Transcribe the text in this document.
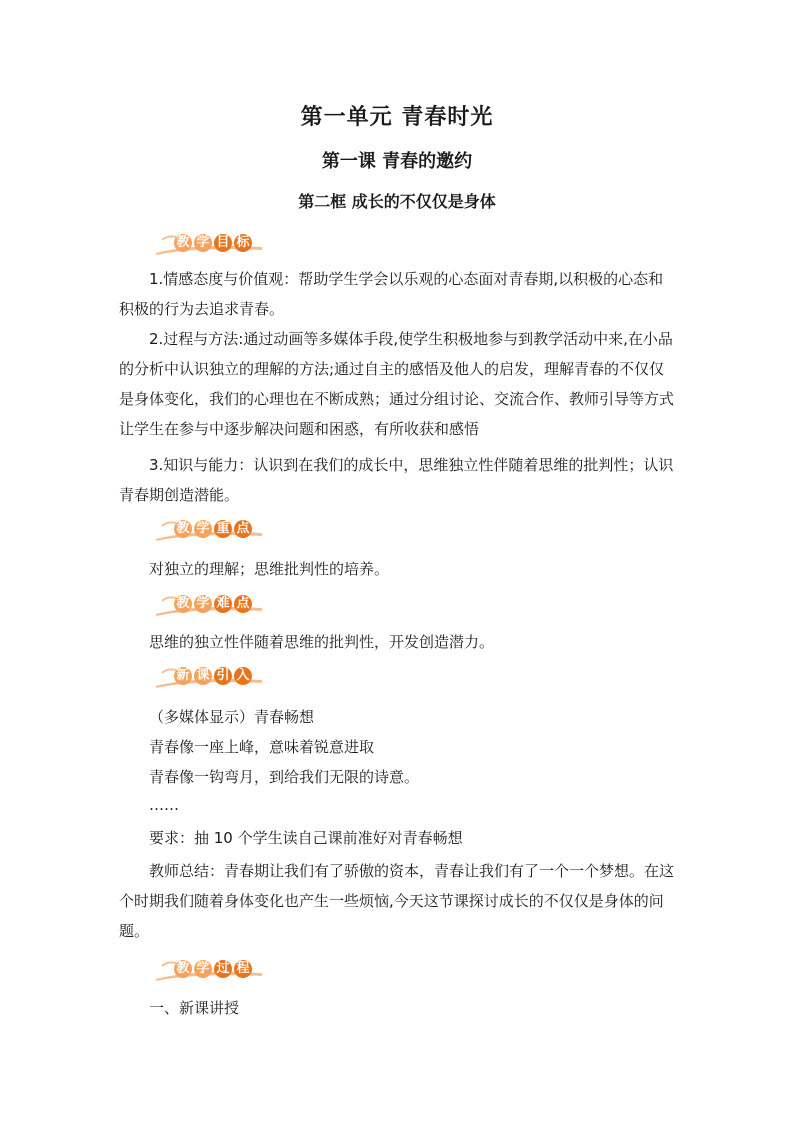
第一单元 青春时光
第一课 青春的邀约
第二框 成长的不仅仅是身体
教 学 目 标
1.情感态度与价值观：帮助学生学会以乐观的心态面对青春期,以积极的心态和积极的行为去追求青春。
2.过程与方法:通过动画等多媒体手段,使学生积极地参与到教学活动中来,在小品的分析中认识独立的理解的方法;通过自主的感悟及他人的启发，理解青春的不仅仅是身体变化，我们的心理也在不断成熟；通过分组讨论、交流合作、教师引导等方式让学生在参与中逐步解决问题和困惑，有所收获和感悟
3.知识与能力：认识到在我们的成长中，思维独立性伴随着思维的批判性；认识青春期创造潜能。
教 学 重 点
对独立的理解；思维批判性的培养。
教 学 难 点
思维的独立性伴随着思维的批判性，开发创造潜力。
新 课 引 入
（多媒体显示）青春畅想
青春像一座上峰，意味着锐意进取
青春像一钩弯月，到给我们无限的诗意。
……
要求：抽 10 个学生读自己课前准好对青春畅想
教师总结：青春期让我们有了骄傲的资本，青春让我们有了一个一个梦想。在这个时期我们随着身体变化也产生一些烦恼,今天这节课探讨成长的不仅仅是身体的问题。
教 学 过 程
一、新课讲授
